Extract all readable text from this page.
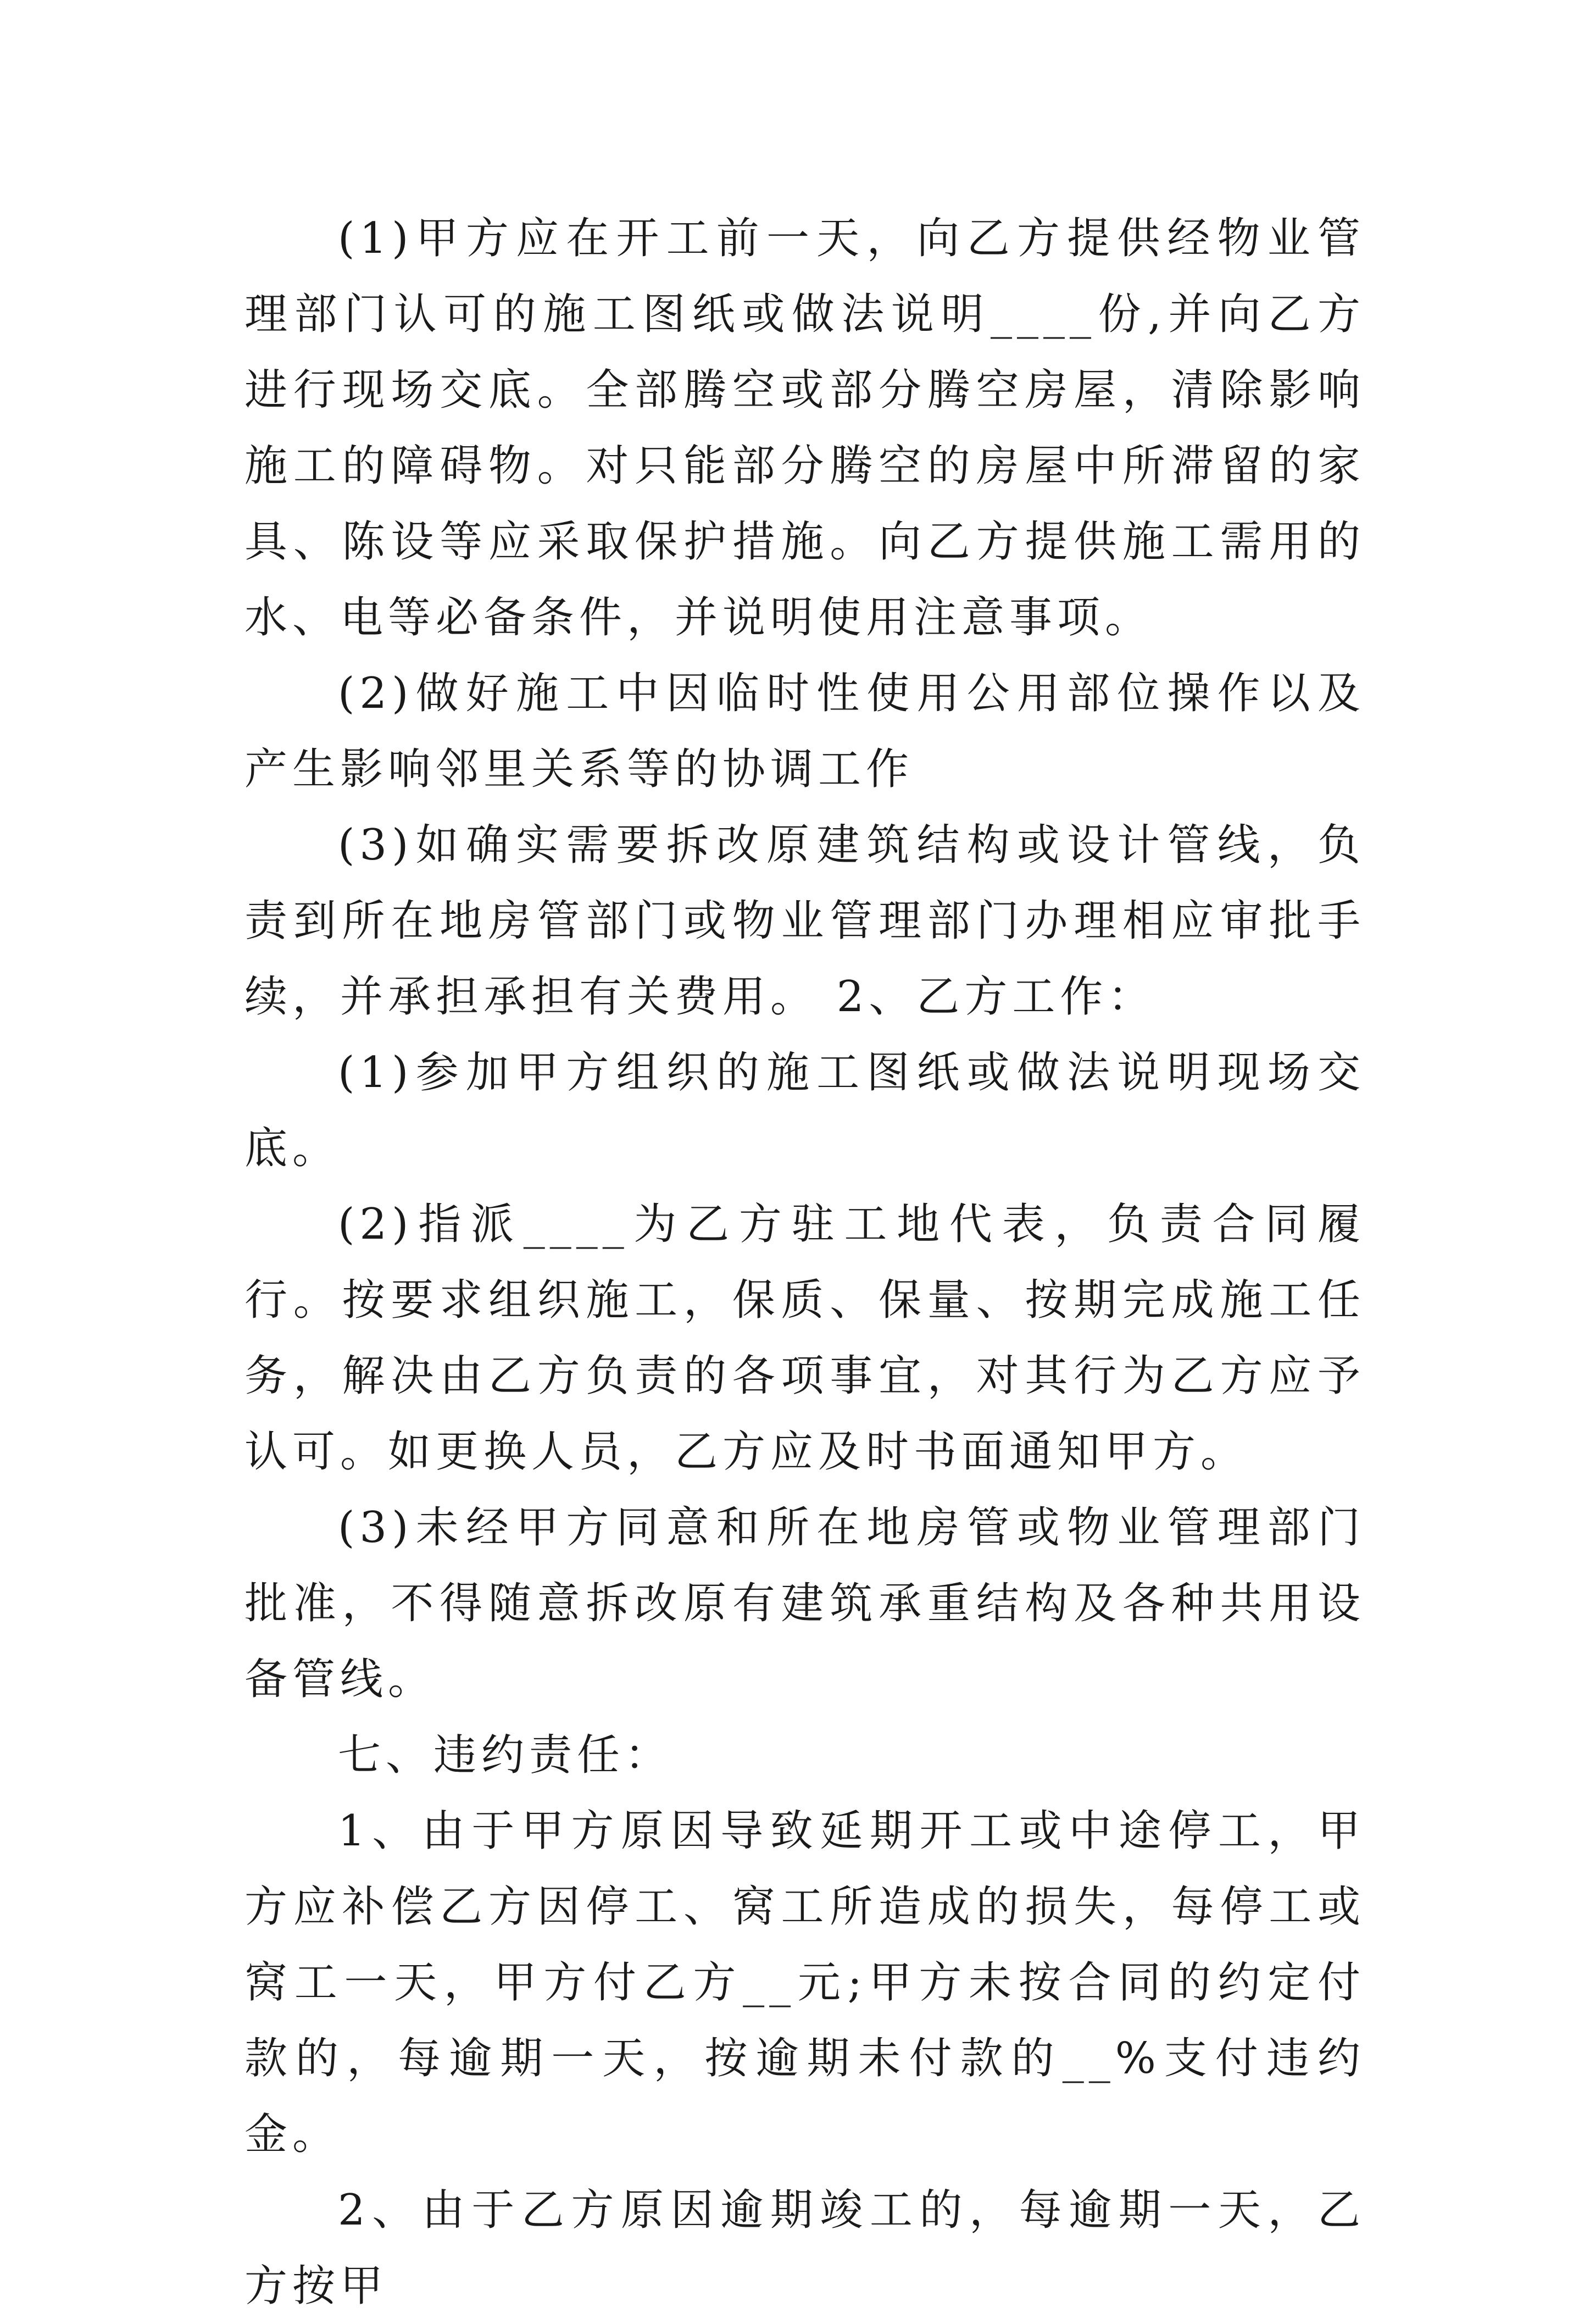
(1)甲方应在开工前一天，向乙方提供经物业管理部门认可的施工图纸或做法说明____份,并向乙方进行现场交底。全部腾空或部分腾空房屋，清除影响施工的障碍物。对只能部分腾空的房屋中所滞留的家具、陈设等应采取保护措施。向乙方提供施工需用的水、电等必备条件，并说明使用注意事项。

(2)做好施工中因临时性使用公用部位操作以及产生影响邻里关系等的协调工作

(3)如确实需要拆改原建筑结构或设计管线，负责到所在地房管部门或物业管理部门办理相应审批手续，并承担承担有关费用。 2、乙方工作：

(1)参加甲方组织的施工图纸或做法说明现场交底。

(2)指派____为乙方驻工地代表，负责合同履行。按要求组织施工，保质、保量、按期完成施工任务，解决由乙方负责的各项事宜，对其行为乙方应予认可。如更换人员，乙方应及时书面通知甲方。

(3)未经甲方同意和所在地房管或物业管理部门批准，不得随意拆改原有建筑承重结构及各种共用设备管线。

七、违约责任：

1、由于甲方原因导致延期开工或中途停工，甲方应补偿乙方因停工、窝工所造成的损失，每停工或窝工一天，甲方付乙方__元;甲方未按合同的约定付款的，每逾期一天，按逾期未付款的__%支付违约金。

2、由于乙方原因逾期竣工的，每逾期一天，乙方按甲
